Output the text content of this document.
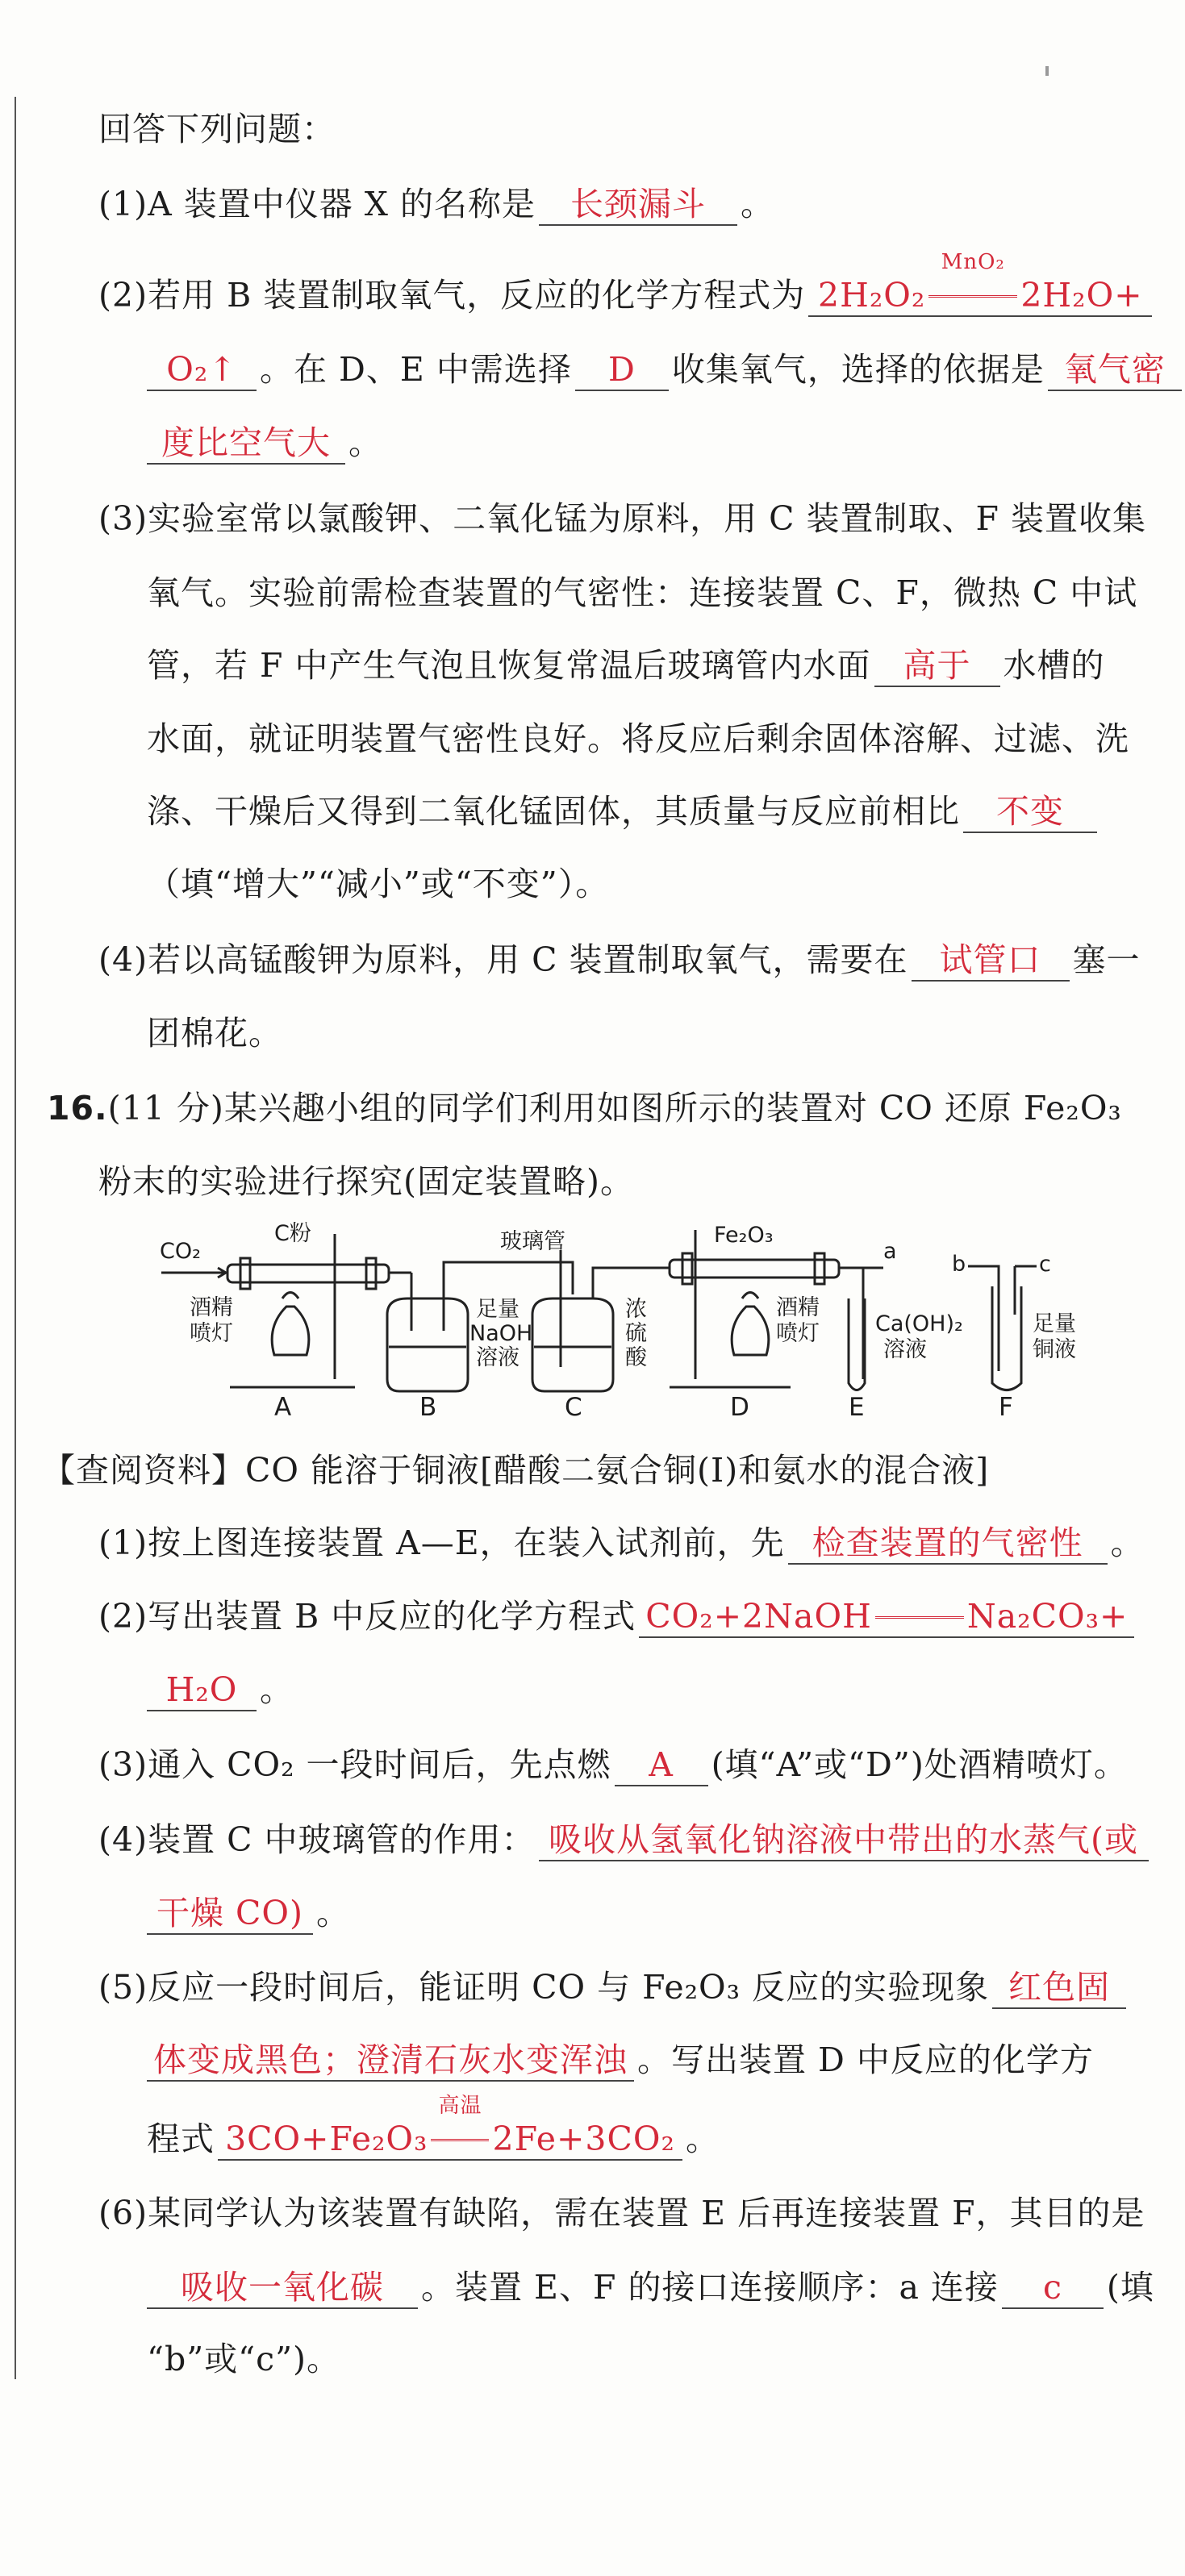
回答下列问题：
(1)A 装置中仪器 X 的名称是 长颈漏斗 。
(2)若用 B 装置制取氧气，反应的化学方程式为 2H₂O₂
MnO₂
2H₂O+
O₂↑ 。在 D、E 中需选择 D 收集氧气，选择的依据是 氧气密
度比空气大 。
(3)实验室常以氯酸钾、二氧化锰为原料，用 C 装置制取、F 装置收集
氧气。实验前需检查装置的气密性：连接装置 C、F，微热 C 中试
管，若 F 中产生气泡且恢复常温后玻璃管内水面 高于 水槽的
水面，就证明装置气密性良好。将反应后剩余固体溶解、过滤、洗
涤、干燥后又得到二氧化锰固体，其质量与反应前相比 不变
（填“增大”“减小”或“不变”）。
(4)若以高锰酸钾为原料，用 C 装置制取氧气，需要在 试管口 塞一
团棉花。
16.(11 分)某兴趣小组的同学们利用如图所示的装置对 CO 还原 Fe₂O₃
粉末的实验进行探究(固定装置略)。
CO₂
C粉
酒精
喷灯
足量
NaOH
溶液
玻璃管
浓
硫
酸
Fe₂O₃
酒精
喷灯
a
Ca(OH)₂
溶液
b	c
足量
铜液
A	B	C	D	E	F
【查阅资料】CO 能溶于铜液[醋酸二氨合铜(Ⅰ)和氨水的混合液]
(1)按上图连接装置 A—E，在装入试剂前，先 检查装置的气密性 。
(2)写出装置 B 中反应的化学方程式 CO₂+2NaOH	Na₂CO₃+
H₂O 。
(3)通入 CO₂ 一段时间后，先点燃 A (填“A”或“D”)处酒精喷灯。
(4)装置 C 中玻璃管的作用： 吸收从氢氧化钠溶液中带出的水蒸气(或
干燥 CO) 。
(5)反应一段时间后，能证明 CO 与 Fe₂O₃ 反应的实验现象 红色固
体变成黑色；澄清石灰水变浑浊 。写出装置 D 中反应的化学方
程式 3CO+Fe₂O₃
高温
2Fe+3CO₂ 。
(6)某同学认为该装置有缺陷，需在装置 E 后再连接装置 F，其目的是
吸收一氧化碳 。装置 E、F 的接口连接顺序：a 连接 c (填
“b”或“c”)。
